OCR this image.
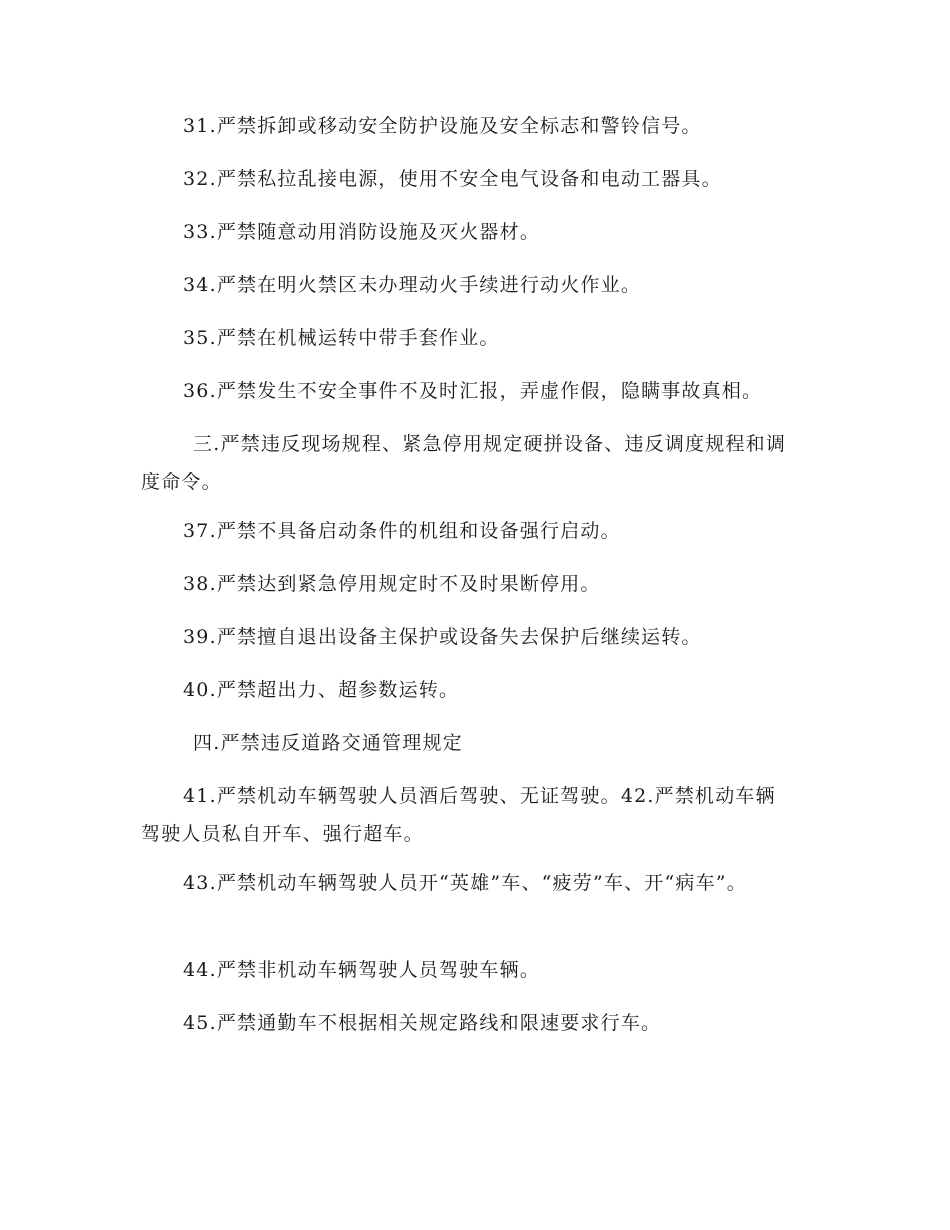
31.严禁拆卸或移动安全防护设施及安全标志和警铃信号。

32.严禁私拉乱接电源，使用不安全电气设备和电动工器具。

33.严禁随意动用消防设施及灭火器材。

34.严禁在明火禁区未办理动火手续进行动火作业。

35.严禁在机械运转中带手套作业。

36.严禁发生不安全事件不及时汇报，弄虚作假，隐瞒事故真相。

三.严禁违反现场规程、紧急停用规定硬拼设备、违反调度规程和调度命令。

37.严禁不具备启动条件的机组和设备强行启动。

38.严禁达到紧急停用规定时不及时果断停用。

39.严禁擅自退出设备主保护或设备失去保护后继续运转。

40.严禁超出力、超参数运转。

四.严禁违反道路交通管理规定

41.严禁机动车辆驾驶人员酒后驾驶、无证驾驶。42.严禁机动车辆驾驶人员私自开车、强行超车。

43.严禁机动车辆驾驶人员开“英雄”车、“疲劳”车、开“病车”。

44.严禁非机动车辆驾驶人员驾驶车辆。

45.严禁通勤车不根据相关规定路线和限速要求行车。
